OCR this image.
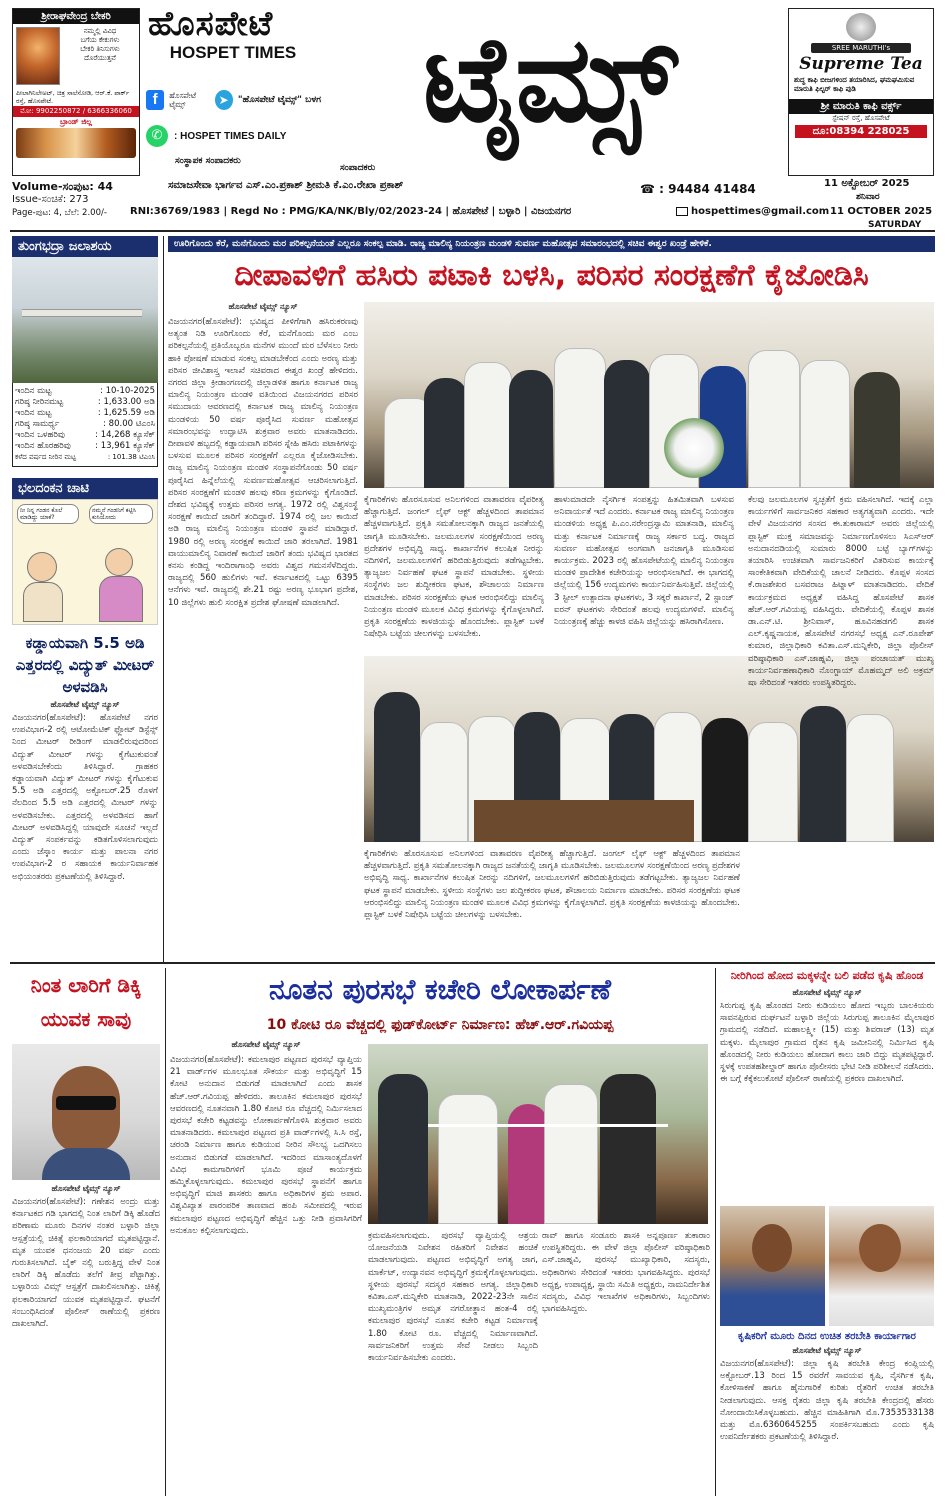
ಶ್ರೀರಾಘವೇಂದ್ರ ಬೇಕರಿ
ನಮ್ಮಲ್ಲಿ ವಿವಿಧ
ಬಗೆಯ ಕೇಕುಗಳು
ಬೇಕರಿ ತಿನಿಸುಗಳು
ದೊರೆಯುತ್ತವೆ
ಪೀಲಾಗಿನಿಲೇಅಟ್, ಚಿತ್ರ ಸಾಲೆಸೋಡಿ, ಆರ್.ಕೆ. ಪಾರ್ಕ್ ರಸ್ತೆ, ಹೊಸಪೇಟೆ.
ಮೋ: 9902250872 / 6366336060
ಬ್ರಾಂಡ್ ಜಿಲ್ಲ
ಹೊಸಪೇಟೆ
HOSPET TIMES	ಟೈಮ್ಸ್
f	ಹೊಸಪೇಟೆ ಟೈಮ್ಸ್	➤	"ಹೊಸಪೇಟೆ ಟೈಮ್ಸ್" ಬಳಗ
✆	: HOSPET TIMES DAILY
SREE MARUTHI's
Supreme Tea
ಶುದ್ಧ ಕಾಫಿ ಬೀಜಗಳಿಂದ ತಯಾರಿಸಿದ, ಘಮಘಮಿಸುವ ಮಾರುತಿ ಫಿಲ್ಟರ್ ಕಾಫಿ ಪುಡಿ
ಶ್ರೀ ಮಾರುತಿ ಕಾಫಿ ವರ್ಕ್ಸ್
ಸ್ಟೇಷನ್ ರಸ್ತೆ, ಹೊಸಪೇಟೆ
ದೂ:08394 228025
ಸಂಸ್ಥಾಪಕ ಸಂಪಾದಕರು
ಸಂಪಾದಕರು
Volume-ಸಂಪುಟ: 44	ಸಮಾಜಸೇವಾ ಭಾರ್ಗವ ಎಸ್.ಎಂ.ಪ್ರಕಾಶ್ ಶ್ರೀಮತಿ ಕೆ.ಎಂ.ರೇಖಾ ಪ್ರಕಾಶ್	☎ : 94484 41484	11 ಅಕ್ಟೋಬರ್ 2025
ಶನಿವಾರ
Issue-ಸಂಚಿಕೆ: 273
Page-ಪುಟ: 4, ಬೆಲೆ: 2.00/- RNI:36769/1983 | Regd No : PMG/KA/NK/Bly/02/2023-24 | ಹೊಸಪೇಟೆ | ಬಳ್ಳಾರಿ | ವಿಜಯನಗರ	hospettimes@gmail.com 11 OCTOBER 2025
SATURDAY
ತುಂಗಭದ್ರಾ ಜಲಾಶಯ
ಇಂದಿನ ಮಟ್ಟ	: 10-10-2025
ಗರಿಷ್ಠ ನೀರಿನಮಟ್ಟ	: 1,633.00 ಅಡಿ
ಇಂದಿನ ಮಟ್ಟ	: 1,625.59 ಅಡಿ
ಗರಿಷ್ಠ ಸಾಮರ್ಥ್ಯ	: 80.00 ಟಿಎಂಸಿ
ಇಂದಿನ ಒಳಹರಿವು	: 14,268 ಕ್ಯೂಸೆಕ್
ಇಂದಿನ ಹೊರಹರಿವು	: 13,961 ಕ್ಯೂಸೆಕ್
ಕಳೆದ ವರ್ಷದ ನೀರಿನ ಮಟ್ಟ	: 101.38 ಟಿಎಂಸಿ
ಭಲದಂಕನ ಚಾಟಿ
ನೀ ನಿನ್ನ ಗಂಡನ ಕೊಲೆ ಮಾಡಿದ್ದು ಯಾಕೆ?
ನಮ್ಮನೆ ಗಂಡನಿಗೆ ಕಟ್ಟಿಸಿ ಕುಸಿಯೋದು
ಕಡ್ಡಾಯವಾಗಿ 5.5 ಅಡಿ ಎತ್ತರದಲ್ಲಿ ವಿದ್ಯುತ್ ಮೀಟರ್ ಅಳವಡಿಸಿ
ಹೊಸಪೇಟೆ ಟೈಮ್ಸ್ ನ್ಯೂಸ್
ವಿಜಯನಗರ(ಹೊಸಪೇಟೆ): ಹೊಸಪೇಟೆ ನಗರ ಉಪವಿಭಾಗ-2 ರಲ್ಲಿ ಆಟೋಮೆಟಿಕ್ ಫ್ಲೋಟ್ ಡಿಸ್ಟೆನ್ಸ್ ನಿಂದ ಮೀಟರ್ ರೀಡಿಂಗ್ ಮಾಡಲಿರುವುದರಿಂದ ವಿದ್ಯುತ್ ಮೀಟರ್ ಗಳನ್ನು ಕೈಗೆಟುಕುವಂತೆ ಅಳವಡಿಸಬೇಕೆಂದು ತಿಳಿಸಿದ್ದಾರೆ. ಗ್ರಾಹಕರ ಕಡ್ಡಾಯವಾಗಿ ವಿದ್ಯುತ್ ಮೀಟರ್ ಗಳನ್ನು ಕೈಗೆಟುಕುವ 5.5 ಅಡಿ ಎತ್ತರದಲ್ಲಿ ಅಕ್ಟೋಬರ್.25 ರೊಳಗೆ ನೆಲದಿಂದ 5.5 ಅಡಿ ಎತ್ತರದಲ್ಲಿ ಮೀಟರ್ ಗಳನ್ನು ಅಳವಡಿಸಬೇಕು. ಎತ್ತರದಲ್ಲಿ ಅಳವಡಿಸದ ಹಾಗೆ ಮೀಟರ್ ಅಳವಡಿಸಿದ್ದಲ್ಲಿ ಯಾವುದೇ ಸೂಚನೆ ಇಲ್ಲದೆ ವಿದ್ಯುತ್ ಸಂಪರ್ಕವನ್ನು ಕಡಿತಗೊಳಿಸಲಾಗುವುದು ಎಂದು ಜೆಸ್ಕಾಂ ಕಾರ್ಯ ಮತ್ತು ಪಾಲನಾ ನಗರ ಉಪವಿಭಾಗ-2 ರ ಸಹಾಯಕ ಕಾರ್ಯನಿರ್ವಾಹಕ ಅಭಿಯಂತರರು ಪ್ರಕಟಣೆಯಲ್ಲಿ ತಿಳಿಸಿದ್ದಾರೆ.
ಊರಿಗೊಂದು ಕೆರೆ, ಮನೆಗೊಂದು ಮರ ಪರಿಕಲ್ಪನೆಯಂತೆ ಎಲ್ಲರೂ ಸಂಕಲ್ಪ ಮಾಡಿ. ರಾಜ್ಯ ಮಾಲಿನ್ಯ ನಿಯಂತ್ರಣ ಮಂಡಳಿ ಸುವರ್ಣ ಮಹೋತ್ಸವ ಸಮಾರಂಭದಲ್ಲಿ ಸಚಿವ ಈಶ್ವರ ಖಂಡ್ರೆ ಹೇಳಿಕೆ.
ದೀಪಾವಳಿಗೆ ಹಸಿರು ಪಟಾಕಿ ಬಳಸಿ, ಪರಿಸರ ಸಂರಕ್ಷಣೆಗೆ ಕೈಜೋಡಿಸಿ
ಹೊಸಪೇಟೆ ಟೈಮ್ಸ್ ನ್ಯೂಸ್
ವಿಜಯನಗರ(ಹೊಸಪೇಟೆ): ಭವಿಷ್ಯದ ಪೀಳಿಗೆಗಾಗಿ ಹಸಿರುಕರಣವು ಅತ್ಯಂತ ನಿಡಿ ಊರಿಗೊಂದು ಕೆರೆ, ಮನೆಗೊಂದು ಮರ ಎಂಬ ಪರಿಕಲ್ಪನೆಯಲ್ಲಿ ಪ್ರತಿಯೊಬ್ಬರೂ ಮನೆಗಳ ಮುಂದೆ ಮರ ಬೆಳೆಸಲು ನೀರು ಹಾಕಿ ಪೋಷಣೆ ಮಾಡುವ ಸಂಕಲ್ಪ ಮಾಡಬೇಕೆಂದ ಎಂದು ಅರಣ್ಯ ಮತ್ತು ಪರಿಸರ ಜೀವಿಶಾಸ್ತ್ರ ಇಲಾಖೆ ಸಚಿವರಾದ ಈಶ್ವರ ಖಂಡ್ರೆ ಹೇಳಿದರು. ನಗರದ ಜಿಲ್ಲಾ ಕ್ರೀಡಾಂಗಣದಲ್ಲಿ ಜಿಲ್ಲಾಡಳಿತ ಹಾಗೂ ಕರ್ನಾಟಕ ರಾಜ್ಯ ಮಾಲಿನ್ಯ ನಿಯಂತ್ರಣ ಮಂಡಳಿ ವತಿಯಿಂದ ವಿಜಯನಗರದ ಪರಿಸರ ಸಮುದಾಯ ಆವರಣದಲ್ಲಿ ಕರ್ನಾಟಕ ರಾಜ್ಯ ಮಾಲಿನ್ಯ ನಿಯಂತ್ರಣ ಮಂಡಳಿಯ 50 ವರ್ಷ ಪೂರೈಸಿದ ಸುವರ್ಣ ಮಹೋತ್ಸವ ಸಮಾರಂಭವನ್ನು ಉದ್ಘಾಟಿಸಿ ಶುಕ್ರವಾರ ಅವರು ಮಾತನಾಡಿದರು. ದೀಪಾವಳಿ ಹಬ್ಬದಲ್ಲಿ ಕಡ್ಡಾಯವಾಗಿ ಪರಿಸರ ಸ್ನೇಹಿ ಹಸಿರು ಪಟಾಕಿಗಳನ್ನು ಬಳಸುವ ಮೂಲಕ ಪರಿಸರ ಸಂರಕ್ಷಣೆಗೆ ಎಲ್ಲರೂ ಕೈಜೋಡಿಸಬೇಕು. ರಾಜ್ಯ ಮಾಲಿನ್ಯ ನಿಯಂತ್ರಣ ಮಂಡಳಿ ಸಂಸ್ಥಾಪನೆಗೊಂಡು 50 ವರ್ಷ ಪೂರೈಸಿದ ಹಿನ್ನೆಲೆಯಲ್ಲಿ ಸುವರ್ಣಮಹೋತ್ಸವ ಆಚರಿಸಲಾಗುತ್ತಿದೆ. ಪರಿಸರ ಸಂರಕ್ಷಣೆಗೆ ಮಂಡಳಿ ಹಲವು ಕಠಿಣ ಕ್ರಮಗಳನ್ನು ಕೈಗೊಂಡಿದೆ. ದೇಶದ ಭವಿಷ್ಯಕ್ಕೆ ಉತ್ತಮ ಪರಿಸರ ಅಗತ್ಯ. 1972 ರಲ್ಲಿ ವಿಶ್ವಸಂಸ್ಥೆ ಸಂರಕ್ಷಣೆ ಕಾಯಿದೆ ಜಾರಿಗೆ ತಂದಿದ್ದಾರೆ. 1974 ರಲ್ಲಿ ಜಲ ಕಾಯಿದೆ ಅಡಿ ರಾಜ್ಯ ಮಾಲಿನ್ಯ ನಿಯಂತ್ರಣ ಮಂಡಳಿ ಸ್ಥಾಪನೆ ಮಾಡಿದ್ದಾರೆ. 1980 ರಲ್ಲಿ ಅರಣ್ಯ ಸಂರಕ್ಷಣೆ ಕಾಯಿದೆ ಜಾರಿ ತರಲಾಗಿದೆ. 1981 ವಾಯುಮಾಲಿನ್ಯ ನಿವಾರಣೆ ಕಾಯಿದೆ ಜಾರಿಗೆ ತಂದು ಭವಿಷ್ಯದ ಭಾರತದ ಕನಸು ಕಂಡಿದ್ದ ಇಂದಿರಾಗಾಂಧಿ ಅವರು ವಿಶ್ವದ ಗಮನಸೆಳೆದಿದ್ದರು. ರಾಜ್ಯದಲ್ಲಿ 560 ಹುಲಿಗಳು ಇವೆ. ಕರ್ನಾಟಕದಲ್ಲಿ ಒಟ್ಟು 6395 ಆನೆಗಳು ಇವೆ. ರಾಜ್ಯದಲ್ಲಿ ಶೇ.21 ರಷ್ಟು ಅರಣ್ಯ ಭೂಭಾಗ ಪ್ರದೇಶ, 10 ಜಿಲ್ಲೆಗಳು ಹುಲಿ ಸಂರಕ್ಷಿತ ಪ್ರದೇಶ ಘೋಷಣೆ ಮಾಡಲಾಗಿದೆ.
ಕೈಗಾರಿಕೆಗಳು ಹೊರಸೂಸುವ ಅನಿಲಗಳಿಂದ ವಾತಾವರಣ ವೈಪರೀತ್ಯ ಹೆಚ್ಚಾಗುತ್ತಿದೆ. ಜಂಗಲ್ ಲೈಫ್ ಆಕ್ಟ್ ಹೆಚ್ಚಳದಿಂದ ತಾಪಮಾನ ಹೆಚ್ಚಳವಾಗುತ್ತಿದೆ. ಪ್ರಕೃತಿ ಸಮತೋಲನಕ್ಕಾಗಿ ರಾಜ್ಯದ ಜನತೆಯಲ್ಲಿ ಜಾಗೃತಿ ಮೂಡಿಸಬೇಕು. ಜಲಮೂಲಗಳ ಸಂರಕ್ಷಣೆಯಿಂದ ಅರಣ್ಯ ಪ್ರದೇಶಗಳ ಅಭಿವೃದ್ಧಿ ಸಾಧ್ಯ. ಕಾರ್ಖಾನೆಗಳ ಕಲುಷಿತ ನೀರನ್ನು ನದಿಗಳಿಗೆ, ಜಲಮೂಲಗಳಿಗೆ ಹರಿಬಿಡುತ್ತಿರುವುದು ತಡೆಗಟ್ಟಬೇಕು. ತ್ಯಾಜ್ಯಜಲ ನಿರ್ವಹಣೆ ಘಟಕ ಸ್ಥಾಪನೆ ಮಾಡಬೇಕು. ಸ್ಥಳೀಯ ಸಂಸ್ಥೆಗಳು ಜಲ ಶುದ್ಧೀಕರಣ ಘಟಕ, ಶೌಚಾಲಯ ನಿರ್ಮಾಣ ಮಾಡಬೇಕು. ಪರಿಸರ ಸಂರಕ್ಷಣೆಯ ಘಟಕ ಆರಂಭಿಸಲಿದ್ದು ಮಾಲಿನ್ಯ ನಿಯಂತ್ರಣ ಮಂಡಳಿ ಮೂಲಕ ವಿವಿಧ ಕ್ರಮಗಳನ್ನು ಕೈಗೊಳ್ಳಲಾಗಿದೆ. ಪ್ರಕೃತಿ ಸಂರಕ್ಷಣೆಯ ಕಾಳಜಿಯನ್ನು ಹೊಂದಬೇಕು. ಪ್ಲಾಸ್ಟಿಕ್ ಬಳಕೆ ನಿಷೇಧಿಸಿ ಬಟ್ಟೆಯ ಚೀಲಗಳನ್ನು ಬಳಸಬೇಕು.
ಹಾಳುಮಾಡದೇ ನೈಸರ್ಗಿಕ ಸಂಪತ್ತನ್ನು ಹಿತಮಿತವಾಗಿ ಬಳಸುವ ಅನಿವಾರ್ಯತೆ ಇದೆ ಎಂದರು. ಕರ್ನಾಟಕ ರಾಜ್ಯ ಮಾಲಿನ್ಯ ನಿಯಂತ್ರಣ ಮಂಡಳಿಯ ಅಧ್ಯಕ್ಷ ಪಿ.ಎಂ.ನರೇಂದ್ರಸ್ವಾಮಿ ಮಾತನಾಡಿ, ಮಾಲಿನ್ಯ ಮತ್ತು ಕರ್ನಾಟಕ ನಿರ್ಮಾಣಕ್ಕೆ ರಾಜ್ಯ ಸರ್ಕಾರ ಬದ್ಧ. ರಾಜ್ಯದ ಸುವರ್ಣ ಮಹೋತ್ಸವ ಅಂಗವಾಗಿ ಜನಜಾಗೃತಿ ಮೂಡಿಸುವ ಕಾರ್ಯಕ್ರಮ. 2023 ರಲ್ಲಿ ಹೊಸಪೇಟೆಯಲ್ಲಿ ಮಾಲಿನ್ಯ ನಿಯಂತ್ರಣ ಮಂಡಳಿ ಪ್ರಾದೇಶಿಕ ಕಚೇರಿಯನ್ನು ಆರಂಭಿಸಲಾಗಿದೆ. ಈ ಭಾಗದಲ್ಲಿ ಜಿಲ್ಲೆಯಲ್ಲಿ 156 ಉದ್ಯಮಗಳು ಕಾರ್ಯನಿರ್ವಹಿಸುತ್ತಿವೆ. ಜಿಲ್ಲೆಯಲ್ಲಿ 3 ಸ್ಟೀಲ್ ಉತ್ಪಾದನಾ ಘಟಕಗಳು, 3 ಸಕ್ಕರೆ ಕಾರ್ಖಾನೆ, 2 ಸ್ಪಾಂಜ್ ಐರನ್ ಘಟಕಗಳು ಸೇರಿದಂತೆ ಹಲವು ಉದ್ಯಮಗಳಿವೆ. ಮಾಲಿನ್ಯ ನಿಯಂತ್ರಣಕ್ಕೆ ಹೆಚ್ಚು ಕಾಳಜಿ ವಹಿಸಿ ಜಿಲ್ಲೆಯನ್ನು ಹಸಿರಾಗಿಸೋಣ.
ಕೆಲವು ಜಲಮೂಲಗಳ ಸ್ವಚ್ಛತೆಗೆ ಕ್ರಮ ವಹಿಸಲಾಗಿದೆ. ಇದಕ್ಕೆ ಎಲ್ಲಾ ಕಾರ್ಯಗಳಿಗೆ ಸಾರ್ವಜನಿಕರ ಸಹಕಾರ ಅತ್ಯಗತ್ಯವಾಗಿ ಎಂದರು. ಇದೇ ವೇಳೆ ವಿಜಯನಗರ ಸಂಸದ ಈ.ತುಕಾರಾಮ್ ಅವರು ಜಿಲ್ಲೆಯಲ್ಲಿ ಪ್ಲಾಸ್ಟಿಕ್ ಮುಕ್ತ ಸಮಾಜವನ್ನು ನಿರ್ಮಾಣಗೊಳಿಸಲು ಸಿಎಸ್ಆರ್ ಅನುದಾನದಡಿಯಲ್ಲಿ ಸುಮಾರು 8000 ಬಟ್ಟೆ ಬ್ಯಾಗ್‌ಗಳನ್ನು ತಯಾರಿಸಿ ಉಚಿತವಾಗಿ ಸಾರ್ವಜನಿಕರಿಗೆ ವಿತರಿಸುವ ಕಾರ್ಯಕ್ಕೆ ಸಾಂಕೇತಿಕವಾಗಿ ವೇದಿಕೆಯಲ್ಲಿ ಚಾಲನೆ ನೀಡಿದರು. ಕೊಪ್ಪಳ ಸಂಸದ ಕೆ.ರಾಜಶೇಖರ ಬಸವರಾಜ ಹಿಟ್ನಾಳ್ ಮಾತನಾಡಿದರು. ವೇದಿಕೆ ಕಾರ್ಯಕ್ರಮದ ಅಧ್ಯಕ್ಷತೆ ವಹಿಸಿದ್ದ ಹೊಸಪೇಟೆ ಶಾಸಕ ಹೆಚ್.ಆರ್.ಗವಿಯಪ್ಪ ವಹಿಸಿದ್ದರು. ವೇದಿಕೆಯಲ್ಲಿ ಕೊಪ್ಪಳ ಶಾಸಕ ಡಾ.ಎನ್.ಟಿ. ಶ್ರೀನಿವಾಸ್, ಹೂವಿನಹಡಗಲಿ ಶಾಸಕ ಎಲ್.ಕೃಷ್ಣನಾಯಕ, ಹೊಸಪೇಟೆ ನಗರಸಭೆ ಅಧ್ಯಕ್ಷ ಎನ್.ರೂಪೇಶ್ ಕುಮಾರ, ಜಿಲ್ಲಾಧಿಕಾರಿ ಕವಿತಾ.ಎಸ್.ಮನ್ನಿಕೇರಿ, ಜಿಲ್ಲಾ ಪೊಲೀಸ್ ವರಿಷ್ಠಾಧಿಕಾರಿ ಎಸ್.ಜಾಹ್ನವಿ, ಜಿಲ್ಲಾ ಪಂಚಾಯತ್ ಮುಖ್ಯ ಕಾರ್ಯನಿರ್ವಹಣಾಧಿಕಾರಿ ನೊಂಗ್ಜಾಯ್ ಮೊಹಮ್ಮದ್ ಅಲಿ ಅಕ್ರಮ್ ಷಾ ಸೇರಿದಂತೆ ಇತರರು ಉಪಸ್ಥಿತರಿದ್ದರು.
ಕೈಗಾರಿಕೆಗಳು ಹೊರಸೂಸುವ ಅನಿಲಗಳಿಂದ ವಾತಾವರಣ ವೈಪರೀತ್ಯ ಹೆಚ್ಚಾಗುತ್ತಿದೆ. ಜಂಗಲ್ ಲೈಫ್ ಆಕ್ಟ್ ಹೆಚ್ಚಳದಿಂದ ತಾಪಮಾನ ಹೆಚ್ಚಳವಾಗುತ್ತಿದೆ. ಪ್ರಕೃತಿ ಸಮತೋಲನಕ್ಕಾಗಿ ರಾಜ್ಯದ ಜನತೆಯಲ್ಲಿ ಜಾಗೃತಿ ಮೂಡಿಸಬೇಕು. ಜಲಮೂಲಗಳ ಸಂರಕ್ಷಣೆಯಿಂದ ಅರಣ್ಯ ಪ್ರದೇಶಗಳ ಅಭಿವೃದ್ಧಿ ಸಾಧ್ಯ. ಕಾರ್ಖಾನೆಗಳ ಕಲುಷಿತ ನೀರನ್ನು ನದಿಗಳಿಗೆ, ಜಲಮೂಲಗಳಿಗೆ ಹರಿಬಿಡುತ್ತಿರುವುದು ತಡೆಗಟ್ಟಬೇಕು. ತ್ಯಾಜ್ಯಜಲ ನಿರ್ವಹಣೆ ಘಟಕ ಸ್ಥಾಪನೆ ಮಾಡಬೇಕು. ಸ್ಥಳೀಯ ಸಂಸ್ಥೆಗಳು ಜಲ ಶುದ್ಧೀಕರಣ ಘಟಕ, ಶೌಚಾಲಯ ನಿರ್ಮಾಣ ಮಾಡಬೇಕು. ಪರಿಸರ ಸಂರಕ್ಷಣೆಯ ಘಟಕ ಆರಂಭಿಸಲಿದ್ದು ಮಾಲಿನ್ಯ ನಿಯಂತ್ರಣ ಮಂಡಳಿ ಮೂಲಕ ವಿವಿಧ ಕ್ರಮಗಳನ್ನು ಕೈಗೊಳ್ಳಲಾಗಿದೆ. ಪ್ರಕೃತಿ ಸಂರಕ್ಷಣೆಯ ಕಾಳಜಿಯನ್ನು ಹೊಂದಬೇಕು. ಪ್ಲಾಸ್ಟಿಕ್ ಬಳಕೆ ನಿಷೇಧಿಸಿ ಬಟ್ಟೆಯ ಚೀಲಗಳನ್ನು ಬಳಸಬೇಕು.
ನಿಂತ ಲಾರಿಗೆ ಡಿಕ್ಕಿ ಯುವಕ ಸಾವು
ಹೊಸಪೇಟೆ ಟೈಮ್ಸ್ ನ್ಯೂಸ್
ವಿಜಯನಗರ(ಹೊಸಪೇಟೆ): ಗಣೇಶನ ಅಂದ್ರು ಮತ್ತು ಕರ್ನಾಟಕದ ಗಡಿ ಭಾಗದಲ್ಲಿ ನಿಂತ ಲಾರಿಗೆ ಡಿಕ್ಕಿ ಹೊಡೆದ ಪರಿಣಾಮ ಮೂರು ದಿನಗಳ ನಂತರ ಬಳ್ಳಾರಿ ಜಿಲ್ಲಾ ಆಸ್ಪತ್ರೆಯಲ್ಲಿ ಚಿಕಿತ್ಸೆ ಫಲಕಾರಿಯಾಗದೆ ಮೃತಪಟ್ಟಿದ್ದಾನೆ. ಮೃತ ಯುವಕ ಧನಂಜಯ 20 ವರ್ಷ ಎಂದು ಗುರುತಿಸಲಾಗಿದೆ. ಬೈಕ್ ನಲ್ಲಿ ಬರುತ್ತಿದ್ದ ವೇಳೆ ನಿಂತ ಲಾರಿಗೆ ಡಿಕ್ಕಿ ಹೊಡೆದು ತಲೆಗೆ ತೀವ್ರ ಪೆಟ್ಟಾಗಿತ್ತು. ಬಳ್ಳಾರಿಯ ವಿಮ್ಸ್ ಆಸ್ಪತ್ರೆಗೆ ದಾಖಲಿಸಲಾಗಿತ್ತು. ಚಿಕಿತ್ಸೆ ಫಲಕಾರಿಯಾಗದೆ ಯುವಕ ಮೃತಪಟ್ಟಿದ್ದಾನೆ. ಘಟನೆಗೆ ಸಂಬಂಧಿಸಿದಂತೆ ಪೊಲೀಸ್ ಠಾಣೆಯಲ್ಲಿ ಪ್ರಕರಣ ದಾಖಲಾಗಿದೆ.
ನೂತನ ಪುರಸಭೆ ಕಚೇರಿ ಲೋಕಾರ್ಪಣೆ
10 ಕೋಟಿ ರೂ ವೆಚ್ಚದಲ್ಲಿ ಫುಡ್‌ಕೋರ್ಟ್ ನಿರ್ಮಾಣ: ಹೆಚ್.ಆರ್.ಗವಿಯಪ್ಪ
ಹೊಸಪೇಟೆ ಟೈಮ್ಸ್ ನ್ಯೂಸ್
ವಿಜಯನಗರ(ಹೊಸಪೇಟೆ): ಕಮಲಾಪುರ ಪಟ್ಟಣದ ಪುರಸಭೆ ವ್ಯಾಪ್ತಿಯ 21 ವಾರ್ಡ್‌ಗಳ ಮೂಲಭೂತ ಸೌಕರ್ಯ ಮತ್ತು ಅಭಿವೃದ್ಧಿಗೆ 15 ಕೋಟಿ ಅನುದಾನ ಬಿಡುಗಡೆ ಮಾಡಲಾಗಿದೆ ಎಂದು ಶಾಸಕ ಹೆಚ್.ಆರ್.ಗವಿಯಪ್ಪ ಹೇಳಿದರು. ತಾಲೂಕಿನ ಕಮಲಾಪುರ ಪುರಸಭೆ ಆವರಣದಲ್ಲಿ ನೂತನವಾಗಿ 1.80 ಕೋಟಿ ರೂ ವೆಚ್ಚದಲ್ಲಿ ನಿರ್ಮಿಸಲಾದ ಪುರಸಭೆ ಕಚೇರಿ ಕಟ್ಟಡವನ್ನು ಲೋಕಾರ್ಪಣೆಗೊಳಿಸಿ ಶುಕ್ರವಾರ ಅವರು ಮಾತನಾಡಿದರು. ಕಮಲಾಪುರ ಪಟ್ಟಣದ ಪ್ರತಿ ವಾರ್ಡ್‌ಗಳಲ್ಲಿ ಸಿ.ಸಿ ರಸ್ತೆ, ಚರಂಡಿ ನಿರ್ಮಾಣ ಹಾಗೂ ಕುಡಿಯುವ ನೀರಿನ ಸೌಲಭ್ಯ ಒದಗಿಸಲು ಅನುದಾನ ಬಿಡುಗಡೆ ಮಾಡಲಾಗಿದೆ. ಇದರಿಂದ ಮಾಸಾಂತ್ಯದೊಳಗೆ ವಿವಿಧ ಕಾಮಗಾರಿಗಳಿಗೆ ಭೂಮಿ ಪೂಜೆ ಕಾರ್ಯಕ್ರಮ ಹಮ್ಮಿಕೊಳ್ಳಲಾಗುವುದು. ಕಮಲಾಪುರ ಪುರಸಭೆ ಸ್ಥಾಪನೆಗೆ ಹಾಗೂ ಅಭಿವೃದ್ಧಿಗೆ ಮಾಜಿ ಶಾಸಕರು ಹಾಗೂ ಅಧಿಕಾರಿಗಳ ಶ್ರಮ ಅಪಾರ. ವಿಶ್ವವಿಖ್ಯಾತ ಪಾರಂಪರಿಕ ತಾಣವಾದ ಹಂಪಿ ಸಮೀಪದಲ್ಲಿ ಇರುವ ಕಮಲಾಪುರ ಪಟ್ಟಣದ ಅಭಿವೃದ್ಧಿಗೆ ಹೆಚ್ಚಿನ ಒತ್ತು ನೀಡಿ ಪ್ರವಾಸಿಗರಿಗೆ ಅನುಕೂಲ ಕಲ್ಪಿಸಲಾಗುವುದು.
ಕ್ರಮವಹಿಸಲಾಗುವುದು. ಪುರಸಭೆ ವ್ಯಾಪ್ತಿಯಲ್ಲಿ ಆಶ್ರಯ ಯೋಜನೆಯಡಿ ನಿವೇಶನ ರಹಿತರಿಗೆ ನಿವೇಶನ ಹಂಚಿಕೆ ಮಾಡಲಾಗುವುದು. ಪಟ್ಟಣದ ಅಭಿವೃದ್ಧಿಗೆ ಅಗತ್ಯ ಜಾಗ, ಮಾರ್ಕೆಟ್, ಉದ್ಯಾನವನ ಅಭಿವೃದ್ಧಿಗೆ ಕ್ರಮಕೈಗೊಳ್ಳಲಾಗುವುದು. ಸ್ಥಳೀಯ ಪುರಸಭೆ ಸದಸ್ಯರ ಸಹಕಾರ ಅಗತ್ಯ. ಜಿಲ್ಲಾಧಿಕಾರಿ ಕವಿತಾ.ಎಸ್.ಮನ್ನಿಕೇರಿ ಮಾತನಾಡಿ, 2022-23ನೇ ಸಾಲಿನ ಮುಖ್ಯಮಂತ್ರಿಗಳ ಅಮೃತ ನಗರೋತ್ಥಾನ ಹಂತ-4 ರಲ್ಲಿ ಕಮಲಾಪುರ ಪುರಸಭೆ ನೂತನ ಕಚೇರಿ ಕಟ್ಟಡ ನಿರ್ಮಾಣಕ್ಕೆ 1.80 ಕೋಟಿ ರೂ. ವೆಚ್ಚದಲ್ಲಿ ನಿರ್ಮಾಣವಾಗಿದೆ. ಸಾರ್ವಜನಿಕರಿಗೆ ಉತ್ತಮ ಸೇವೆ ನೀಡಲು ಸಿಬ್ಬಂದಿ ಕಾರ್ಯನಿರ್ವಹಿಸಬೇಕು ಎಂದರು.
ರಾವ್ ಹಾಗೂ ಸಂಡೂರು ಶಾಸಕಿ ಅನ್ನಪೂರ್ಣ ತುಕಾರಾಂ ಉಪಸ್ಥಿತರಿದ್ದರು. ಈ ವೇಳೆ ಜಿಲ್ಲಾ ಪೊಲೀಸ್ ವರಿಷ್ಠಾಧಿಕಾರಿ ಎಸ್.ಜಾಹ್ನವಿ, ಪುರಸಭೆ ಮುಖ್ಯಾಧಿಕಾರಿ, ಸದಸ್ಯರು, ಅಧಿಕಾರಿಗಳು ಸೇರಿದಂತೆ ಇತರರು ಭಾಗವಹಿಸಿದ್ದರು. ಪುರಸಭೆ ಅಧ್ಯಕ್ಷ, ಉಪಾಧ್ಯಕ್ಷ, ಸ್ಥಾಯಿ ಸಮಿತಿ ಅಧ್ಯಕ್ಷರು, ನಾಮನಿರ್ದೇಶಿತ ಸದಸ್ಯರು, ವಿವಿಧ ಇಲಾಖೆಗಳ ಅಧಿಕಾರಿಗಳು, ಸಿಬ್ಬಂದಿಗಳು ಭಾಗವಹಿಸಿದ್ದರು.
ನೀರಿಗಿಂದ ಹೋದ ಮಕ್ಕಳನ್ನೇ ಬಲಿ ಪಡೆದ ಕೃಷಿ ಹೊಂಡ
ಹೊಸಪೇಟೆ ಟೈಮ್ಸ್ ನ್ಯೂಸ್
ಸಿರುಗುಪ್ಪ ಕೃಷಿ ಹೊಂಡದ ನೀರು ಕುಡಿಯಲು ಹೋದ ಇಬ್ಬರು ಬಾಲಕಿಯರು ಸಾವನಪ್ಪಿರುವ ದುರ್ಘಟನೆ ಬಳ್ಳಾರಿ ಜಿಲ್ಲೆಯ ಸಿರುಗುಪ್ಪ ತಾಲೂಕಿನ ಮೈಲಾಪುರ ಗ್ರಾಮದಲ್ಲಿ ನಡೆದಿದೆ. ಮಹಾಲಕ್ಷ್ಮೀ (15) ಮತ್ತು ಶಿವರಾಜ್ (13) ಮೃತ ಮಕ್ಕಳು. ಮೈಲಾಪುರ ಗ್ರಾಮದ ರೈತನ ಕೃಷಿ ಜಮೀನಿನಲ್ಲಿ ನಿರ್ಮಿಸಿದ ಕೃಷಿ ಹೊಂಡದಲ್ಲಿ ನೀರು ಕುಡಿಯಲು ಹೋದಾಗ ಕಾಲು ಜಾರಿ ಬಿದ್ದು ಮೃತಪಟ್ಟಿದ್ದಾರೆ. ಸ್ಥಳಕ್ಕೆ ಉಪತಹಶೀಲ್ದಾರ್ ಹಾಗೂ ಪೊಲೀಸರು ಭೇಟಿ ನೀಡಿ ಪರಿಶೀಲನೆ ನಡೆಸಿದರು. ಈ ಬಗ್ಗೆ ಕೆಕ್ಕೆಕಲುಕೋಟೆ ಪೊಲೀಸ್ ಠಾಣೆಯಲ್ಲಿ ಪ್ರಕರಣ ದಾಖಲಾಗಿದೆ.
ಕೃಷಿಕರಿಗೆ ಮೂರು ದಿನದ ಉಚಿತ ತರಬೇತಿ ಕಾರ್ಯಾಗಾರ
ಹೊಸಪೇಟೆ ಟೈಮ್ಸ್ ನ್ಯೂಸ್
ವಿಜಯನಗರ(ಹೊಸಪೇಟೆ): ಜಿಲ್ಲಾ ಕೃಷಿ ತರಬೇತಿ ಕೇಂದ್ರ ಕಂಪ್ಲಿಯಲ್ಲಿ ಅಕ್ಟೋಬರ್.13 ರಿಂದ 15 ರವರೆಗೆ ಸಾವಯವ ಕೃಷಿ, ನೈಸರ್ಗಿಕ ಕೃಷಿ, ಕೋಳಿಸಾಕಣೆ ಹಾಗೂ ಹೈನುಗಾರಿಕೆ ಕುರಿತು ರೈತರಿಗೆ ಉಚಿತ ತರಬೇತಿ ನೀಡಲಾಗುವುದು. ಆಸಕ್ತ ರೈತರು ಜಿಲ್ಲಾ ಕೃಷಿ ತರಬೇತಿ ಕೇಂದ್ರದಲ್ಲಿ ಹೆಸರು ನೋಂದಾಯಿಸಿಕೊಳ್ಳಬಹುದು. ಹೆಚ್ಚಿನ ಮಾಹಿತಿಗಾಗಿ ಮೊ.7353533138 ಮತ್ತು ಮೊ.6360645255 ಸಂಪರ್ಕಿಸಬಹುದು ಎಂದು ಕೃಷಿ ಉಪನಿರ್ದೇಶಕರು ಪ್ರಕಟಣೆಯಲ್ಲಿ ತಿಳಿಸಿದ್ದಾರೆ.
